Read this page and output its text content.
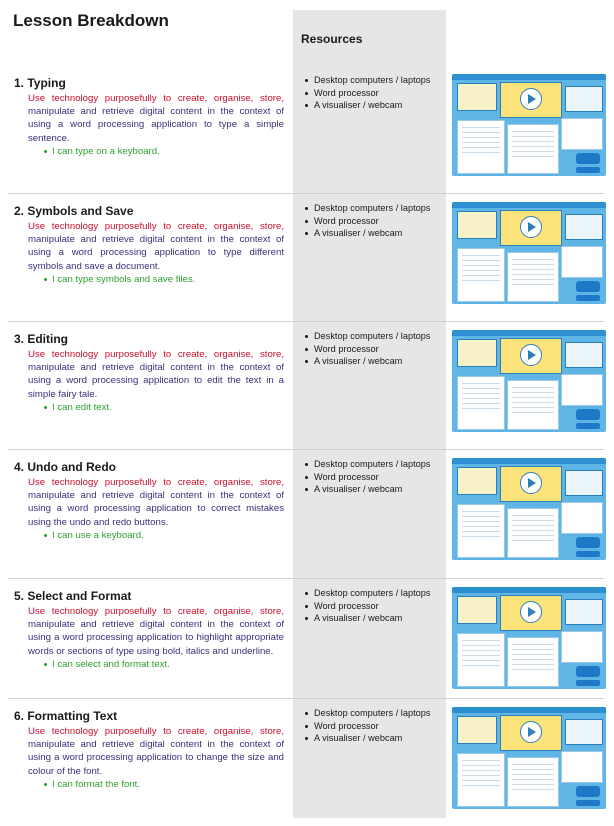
Lesson Breakdown
Resources
1. Typing
Use technology purposefully to create, organise, store, manipulate and retrieve digital content in the context of using a word processing application to type a simple sentence.
I can type on a keyboard.
Desktop computers / laptops
Word processor
A visualiser / webcam
2. Symbols and Save
Use technology purposefully to create, organise, store, manipulate and retrieve digital content in the context of using a word processing application to type different symbols and save a document.
I can type symbols and save files.
Desktop computers / laptops
Word processor
A visualiser / webcam
3. Editing
Use technology purposefully to create, organise, store, manipulate and retrieve digital content in the context of using a word processing application to edit the text in a simple fairy tale.
I can edit text.
Desktop computers / laptops
Word processor
A visualiser / webcam
4. Undo and Redo
Use technology purposefully to create, organise, store, manipulate and retrieve digital content in the context of using a word processing application to correct mistakes using the undo and redo buttons.
I can use a keyboard.
Desktop computers / laptops
Word processor
A visualiser / webcam
5. Select and Format
Use technology purposefully to create, organise, store, manipulate and retrieve digital content in the context of using a word processing application to highlight appropriate words or sections of type using bold, italics and underline.
I can select and format text.
Desktop computers / laptops
Word processor
A visualiser / webcam
6. Formatting Text
Use technology purposefully to create, organise, store, manipulate and retrieve digital content in the context of using a word processing application to change the size and colour of the font.
I can format the font.
Desktop computers / laptops
Word processor
A visualiser / webcam
